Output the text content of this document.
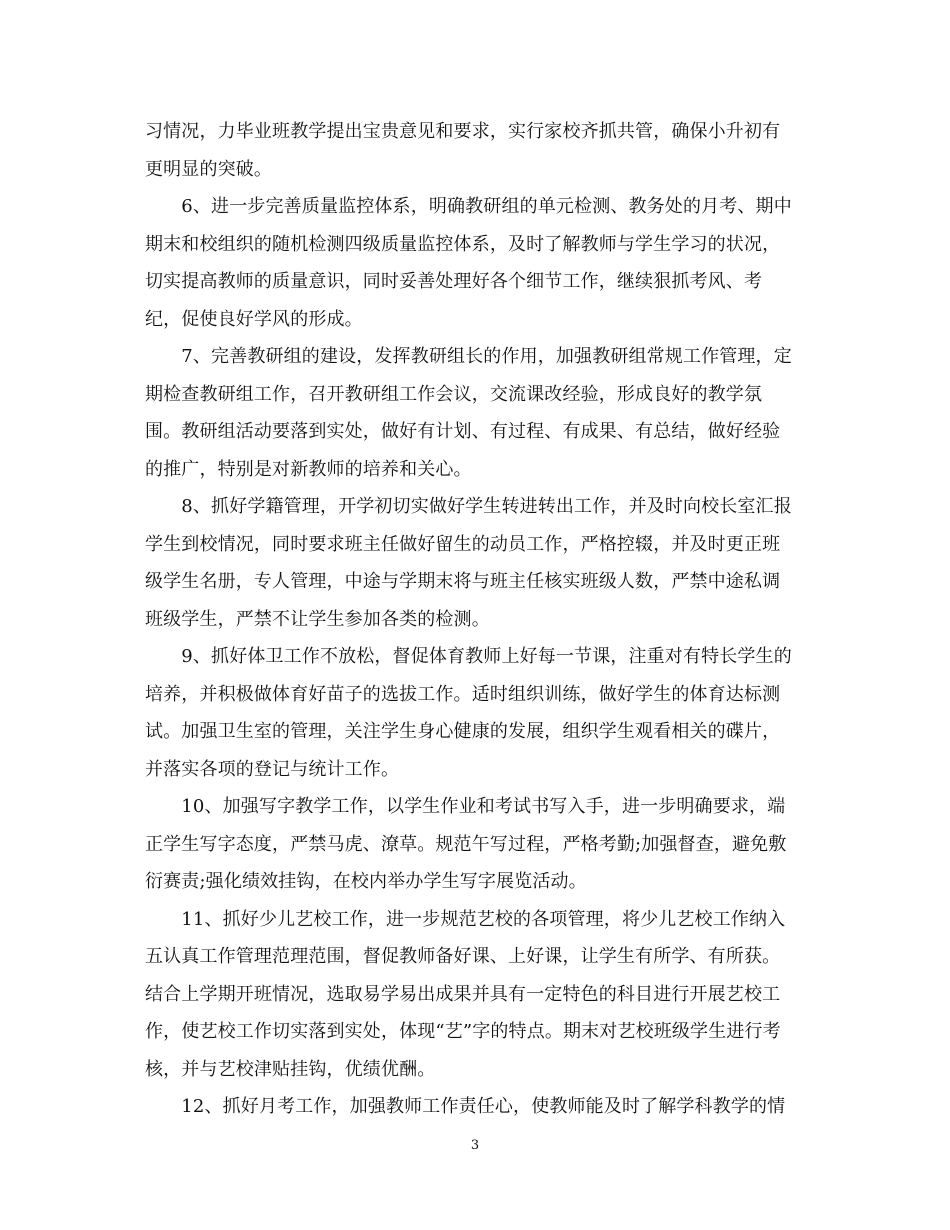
习情况，力毕业班教学提出宝贵意见和要求，实行家校齐抓共管，确保小升初有
更明显的突破。
　　6、进一步完善质量监控体系，明确教研组的单元检测、教务处的月考、期中
期末和校组织的随机检测四级质量监控体系，及时了解教师与学生学习的状况，
切实提高教师的质量意识，同时妥善处理好各个细节工作，继续狠抓考风、考
纪，促使良好学风的形成。
　　7、完善教研组的建设，发挥教研组长的作用，加强教研组常规工作管理，定
期检查教研组工作，召开教研组工作会议，交流课改经验，形成良好的教学氛
围。教研组活动要落到实处，做好有计划、有过程、有成果、有总结，做好经验
的推广，特别是对新教师的培养和关心。
　　8、抓好学籍管理，开学初切实做好学生转进转出工作，并及时向校长室汇报
学生到校情况，同时要求班主任做好留生的动员工作，严格控辍，并及时更正班
级学生名册，专人管理，中途与学期末将与班主任核实班级人数，严禁中途私调
班级学生，严禁不让学生参加各类的检测。
　　9、抓好体卫工作不放松，督促体育教师上好每一节课，注重对有特长学生的
培养，并积极做体育好苗子的选拔工作。适时组织训练，做好学生的体育达标测
试。加强卫生室的管理，关注学生身心健康的发展，组织学生观看相关的碟片，
并落实各项的登记与统计工作。
　　10、加强写字教学工作，以学生作业和考试书写入手，进一步明确要求，端
正学生写字态度，严禁马虎、潦草。规范午写过程，严格考勤;加强督查，避免敷
衍赛责;强化绩效挂钩，在校内举办学生写字展览活动。
　　11、抓好少儿艺校工作，进一步规范艺校的各项管理，将少儿艺校工作纳入
五认真工作管理范理范围，督促教师备好课、上好课，让学生有所学、有所获。
结合上学期开班情况，选取易学易出成果并具有一定特色的科目进行开展艺校工
作，使艺校工作切实落到实处，体现“艺”字的特点。期末对艺校班级学生进行考
核，并与艺校津贴挂钩，优绩优酬。
　　12、抓好月考工作，加强教师工作责任心，使教师能及时了解学科教学的情
3
